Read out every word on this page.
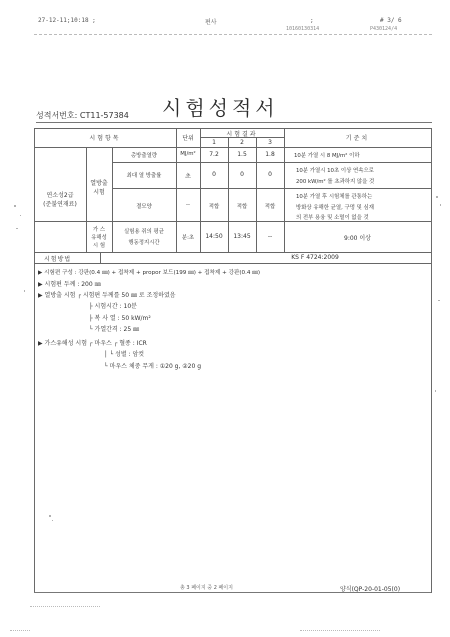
27-12-11;10:18 ;	편사	;	# 3/ 6
10160130314	P430124/4
성적서번호: CT11-57384 시험성적서
시험항목	단위
시험결과
1	2	3
기준치
연소성2급
(준불연재료)
열방출
시험
가 스
유해성
시 험
총방출열량	MJ/m²	7.2	1.5	1.8	10분 가열 시 8 MJ/m² 이하
최대 열 방출률	초	0	0	0	10분 가열시 10초 이상 연속으로
200 kW/m² 를 초과하지 않을 것
결모양	--	적합	적합	적합
10분 가열 후 시험체를 관통하는
방화상 유해한 균열, 구멍 및 심재
의 전부 용융 및 소멸이 없을 것
실험용 쥐의 평균
행동정지시간
분:초	14:50	13:45	--	9:00 이상
시험방법	KS F 4724:2009
▶ 시험편 구성 : 강판(0.4 ㎜) + 접착제 + propor 보드(199 ㎜) + 접착제 + 강판(0.4 ㎜)
▶ 시험편 두께 : 200 ㎜
▶ 열방출 시험 ┌ 시험편 두께를 50 ㎜ 로 조정하였음
├ 시험시간 : 10분
├ 복 사 열 : 50 kW/m²
└ 가열간격 : 25 ㎜
▶ 가스유해성 시험 ┌ 마우스 ┌ 혈종 : ICR
│ └ 성별 : 암컷
└ 마우스 체중 무게 : ①20 g, ②20 g
총 3 페이지 중 2 페이지	양식(QP-20-01-05(0)
